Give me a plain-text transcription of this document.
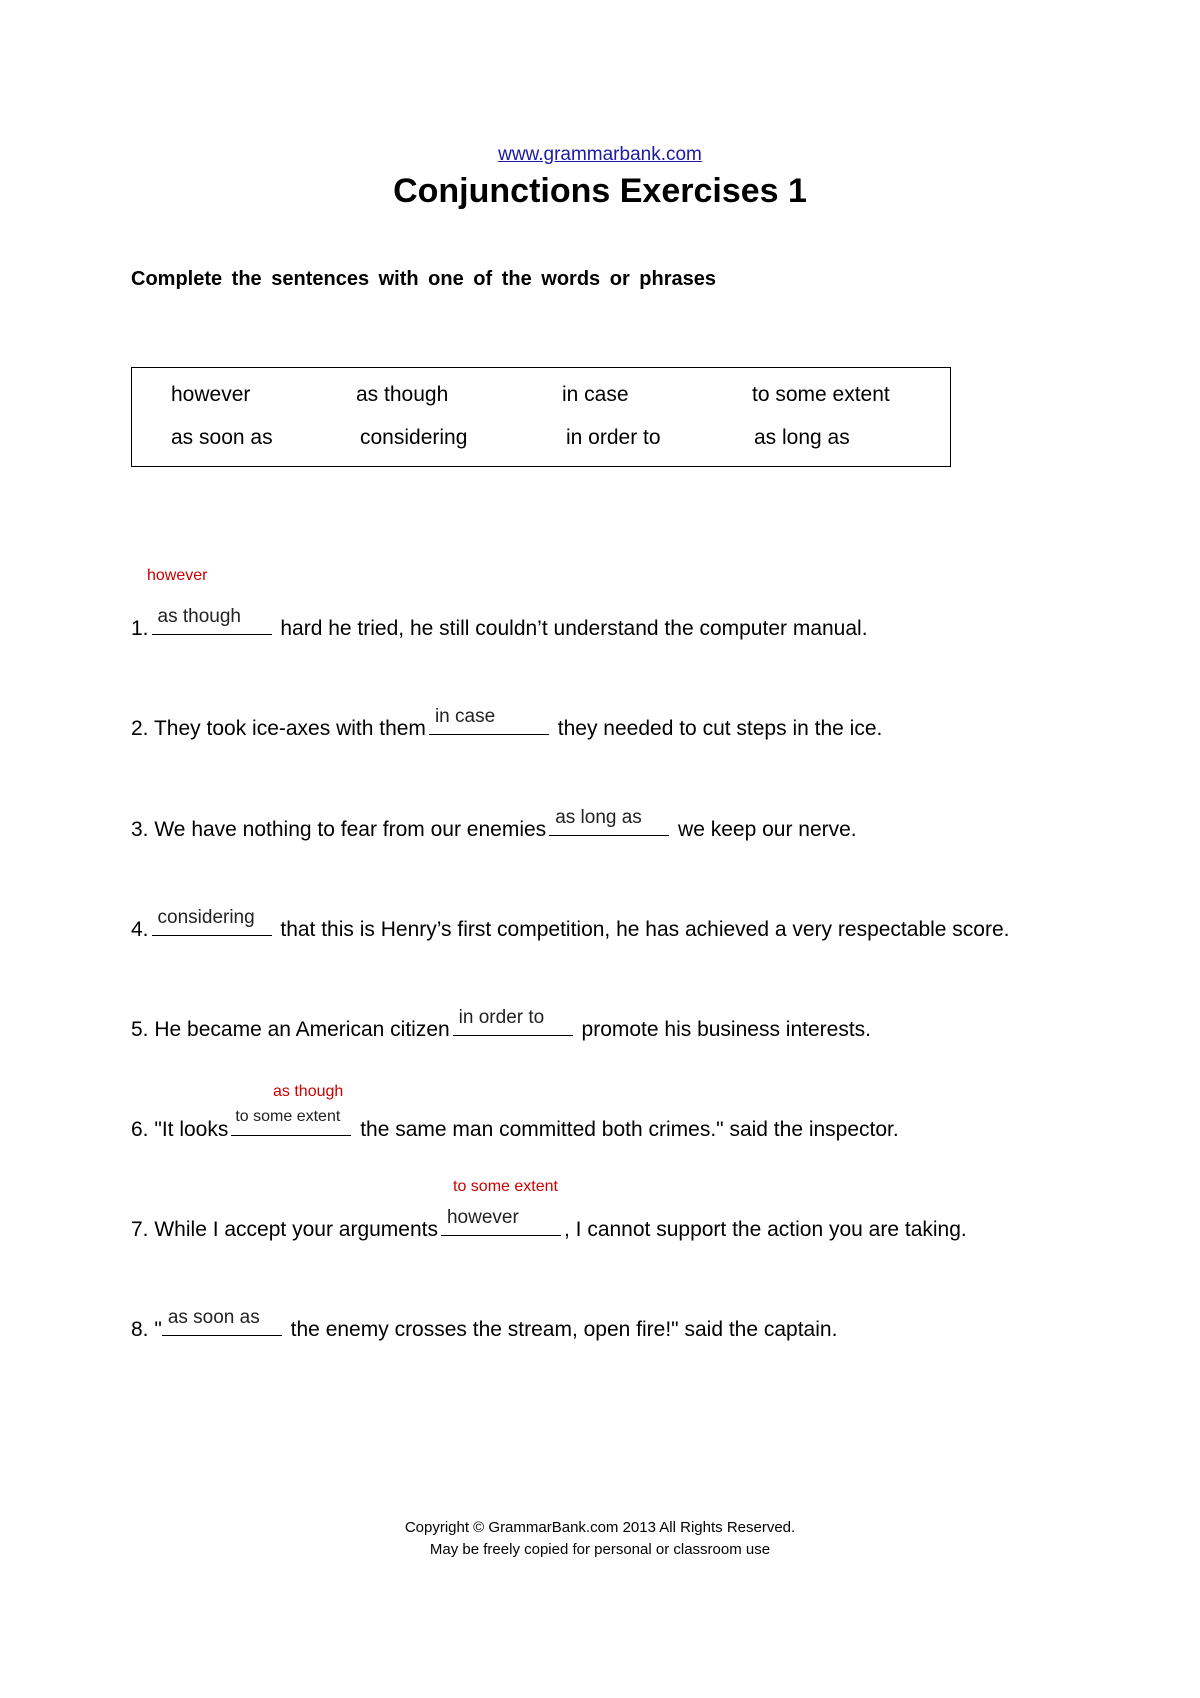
www.grammarbank.com
Conjunctions Exercises 1
Complete the sentences with one of the words or phrases
however	as though	in case	to some extent
as soon as	considering	in order to	as long as
however
as though
to some extent
1.
as though
hard he tried, he still couldn’t understand the computer manual.
2. They took ice-axes with them
in case
they needed to cut steps in the ice.
3. We have nothing to fear from our enemies
as long as
we keep our nerve.
4.
considering
that this is Henry’s first competition, he has achieved a very respectable score.
5. He became an American citizen
in order to
promote his business interests.
6. "It looks
to some extent
the same man committed both crimes." said the inspector.
7. While I accept your arguments
however
, I cannot support the action you are taking.
8. "
as soon as
the enemy crosses the stream, open fire!" said the captain.
Copyright © GrammarBank.com 2013 All Rights Reserved.
May be freely copied for personal or classroom use
